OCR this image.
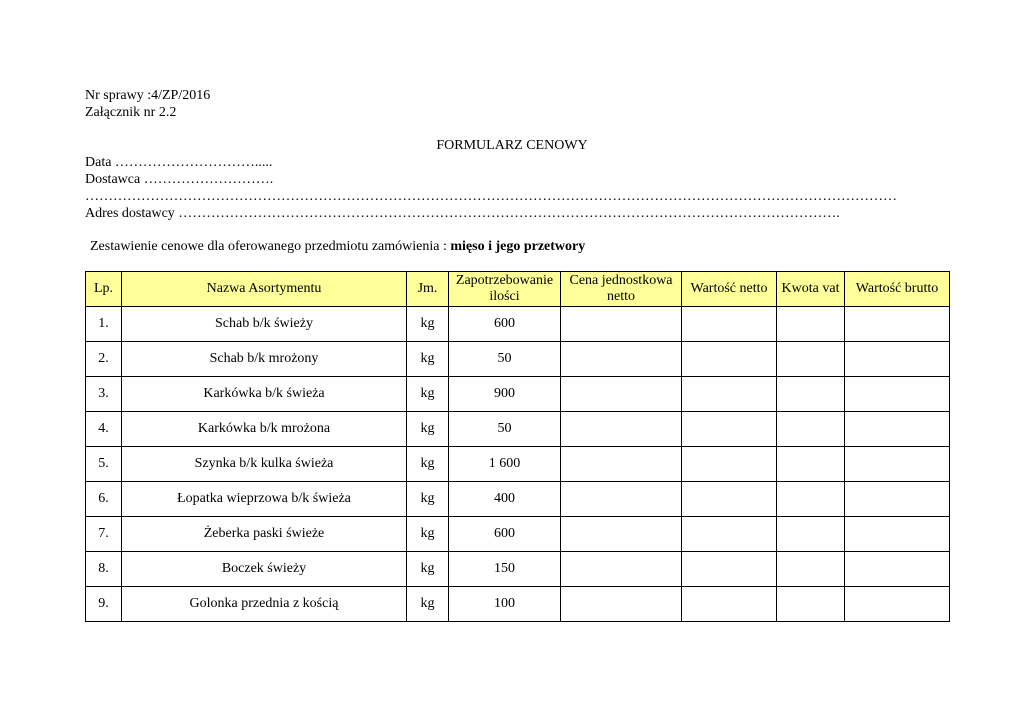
Nr sprawy :4/ZP/2016
Załącznik nr 2.2
FORMULARZ CENOWY
Data ………………………….....
Dostawca ……………………….
…………………………………………………………………………………………………………………………………………………………
Adres dostawcy …………………………………………………………………………………………………………………………….
Zestawienie cenowe dla oferowanego przedmiotu zamówienia : mięso i jego przetwory
Lp.	Nazwa Asortymentu	Jm.	Zapotrzebowanie ilości	Cena jednostkowa netto	Wartość netto	Kwota vat	Wartość brutto
1.	Schab b/k świeży	kg	600				
2.	Schab b/k mrożony	kg	50				
3.	Karkówka b/k świeża	kg	900				
4.	Karkówka b/k mrożona	kg	50				
5.	Szynka b/k kulka świeża	kg	1 600				
6.	Łopatka wieprzowa b/k świeża	kg	400				
7.	Żeberka paski świeże	kg	600				
8.	Boczek świeży	kg	150				
9.	Golonka przednia z kością	kg	100				
